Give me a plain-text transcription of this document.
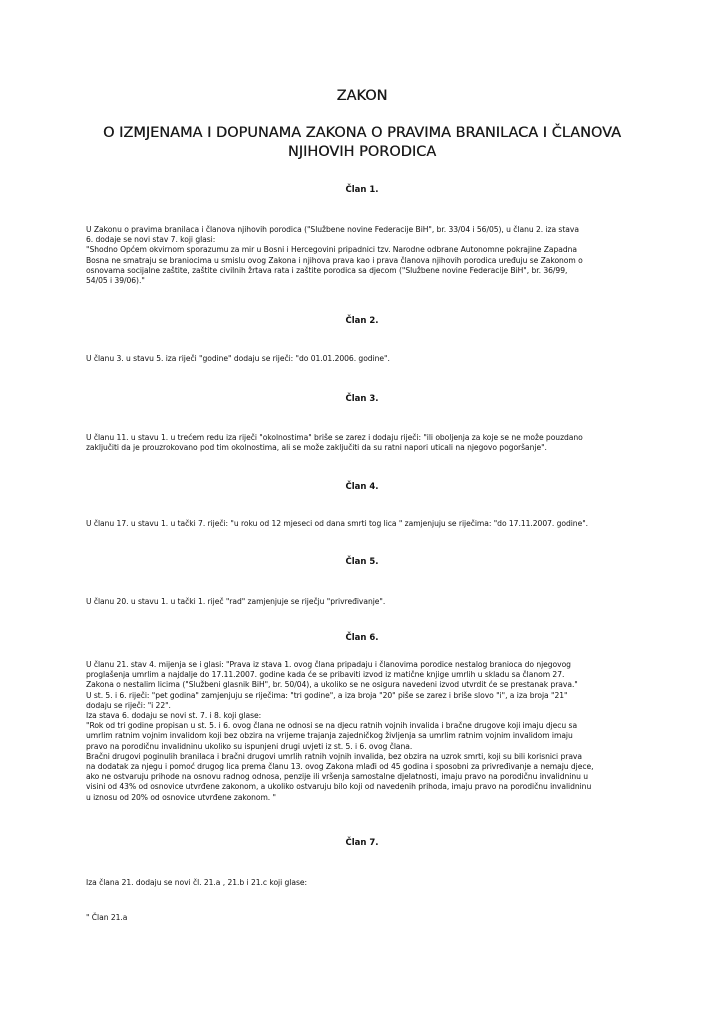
ZAKON
O IZMJENAMA I DOPUNAMA ZAKONA O PRAVIMA BRANILACA I ČLANOVA
NJIHOVIH PORODICA
Član 1.

U Zakonu o pravima branilaca i članova njihovih porodica ("Službene novine Federacije BiH", br. 33/04 i 56/05), u članu 2. iza stava

6. dodaje se novi stav 7. koji glasi:

"Shodno Općem okvirnom sporazumu za mir u Bosni i Hercegovini pripadnici tzv. Narodne odbrane Autonomne pokrajine Zapadna

Bosna ne smatraju se braniocima u smislu ovog Zakona i njihova prava kao i prava članova njihovih porodica uređuju se Zakonom o

osnovama socijalne zaštite, zaštite civilnih žrtava rata i zaštite porodica sa djecom ("Službene novine Federacije BiH", br. 36/99,

54/05 i 39/06)."

Član 2.

U članu 3. u stavu 5. iza riječi "godine" dodaju se riječi: "do 01.01.2006. godine".

Član 3.

U članu 11. u stavu 1. u trećem redu iza riječi "okolnostima" briše se zarez i dodaju riječi: "ili oboljenja za koje se ne može pouzdano

zaključiti da je prouzrokovano pod tim okolnostima, ali se može zaključiti da su ratni napori uticali na njegovo pogoršanje".

Član 4.

U članu 17. u stavu 1. u tački 7. riječi: "u roku od 12 mjeseci od dana smrti tog lica " zamjenjuju se riječima: "do 17.11.2007. godine".

Član 5.

U članu 20. u stavu 1. u tački 1. riječ "rad" zamjenjuje se riječju "privređivanje".

Član 6.

U članu 21. stav 4. mijenja se i glasi: "Prava iz stava 1. ovog člana pripadaju i članovima porodice nestalog branioca do njegovog

proglašenja umrlim a najdalje do 17.11.2007. godine kada će se pribaviti izvod iz matične knjige umrlih u skladu sa članom 27.

Zakona o nestalim licima ("Službeni glasnik BiH", br. 50/04), a ukoliko se ne osigura navedeni izvod utvrdit će se prestanak prava."

U st. 5. i 6. riječi: "pet godina" zamjenjuju se riječima: "tri godine", a iza broja "20" piše se zarez i briše slovo "i", a iza broja "21"

dodaju se riječi: "i 22".

Iza stava 6. dodaju se novi st. 7. i 8. koji glase:

"Rok od tri godine propisan u st. 5. i 6. ovog člana ne odnosi se na djecu ratnih vojnih invalida i bračne drugove koji imaju djecu sa

umrlim ratnim vojnim invalidom koji bez obzira na vrijeme trajanja zajedničkog življenja sa umrlim ratnim vojnim invalidom imaju

pravo na porodičnu invalidninu ukoliko su ispunjeni drugi uvjeti iz st. 5. i 6. ovog člana.

Bračni drugovi poginulih branilaca i bračni drugovi umrlih ratnih vojnih invalida, bez obzira na uzrok smrti, koji su bili korisnici prava

na dodatak za njegu i pomoć drugog lica prema članu 13. ovog Zakona mlađi od 45 godina i sposobni za privređivanje a nemaju djece,

ako ne ostvaruju prihode na osnovu radnog odnosa, penzije ili vršenja samostalne djelatnosti, imaju pravo na porodičnu invalidninu u

visini od 43% od osnovice utvrđene zakonom, a ukoliko ostvaruju bilo koji od navedenih prihoda, imaju pravo na porodičnu invalidninu

u iznosu od 20% od osnovice utvrđene zakonom. "

Član 7.

Iza člana 21. dodaju se novi čl. 21.a , 21.b i 21.c koji glase:

" Član 21.a
